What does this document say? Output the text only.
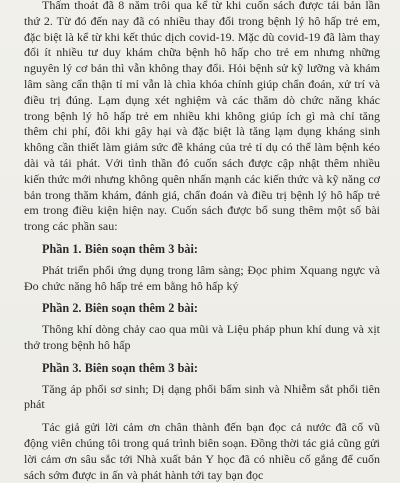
Thấm thoát đã 8 năm trôi qua kể từ khi cuốn sách được tái bản lần thứ 2. Từ đó đến nay đã có nhiều thay đổi trong bệnh lý hô hấp trẻ em, đặc biệt là kể từ khi kết thúc dịch covid-19. Mặc dù covid-19 đã làm thay đổi ít nhiều tư duy khám chữa bệnh hô hấp cho trẻ em nhưng những nguyên lý cơ bản thì vẫn không thay đổi. Hỏi bệnh sử kỹ lưỡng và khám lâm sàng cẩn thận tỉ mỉ vẫn là chìa khóa chính giúp chẩn đoán, xử trí và điều trị đúng. Lạm dụng xét nghiệm và các thăm dò chức năng khác trong bệnh lý hô hấp trẻ em nhiều khi không giúp ích gì mà chỉ tăng thêm chi phí, đôi khi gây hại và đặc biệt là tăng lạm dụng kháng sinh không cần thiết làm giảm sức đề kháng của trẻ tỉ dụ có thể làm bệnh kéo dài và tái phát. Với tình thần đó cuốn sách được cập nhật thêm nhiều kiến thức mới nhưng không quên nhấn mạnh các kiến thức và kỹ năng cơ bản trong thăm khám, đánh giá, chẩn đoán và điều trị bệnh lý hô hấp trẻ em trong điều kiện hiện nay. Cuốn sách được bổ sung thêm một số bài trong các phần sau:

Phần 1. Biên soạn thêm 3 bài:

Phát triển phổi ứng dụng trong lâm sàng; Đọc phim Xquang ngực và Đo chức năng hô hấp trẻ em bằng hô hấp ký

Phần 2. Biên soạn thêm 2 bài:

Thông khí dòng chảy cao qua mũi và Liệu pháp phun khí dung và xịt thở trong bệnh hô hấp

Phần 3. Biên soạn thêm 3 bài:

Tăng áp phổi sơ sinh; Dị dạng phổi bẩm sinh và Nhiễm sắt phổi tiên phát

Tác giả gửi lời cảm ơn chân thành đến bạn đọc cả nước đã cổ vũ động viên chúng tôi trong quá trình biên soạn. Đồng thời tác giả cũng gửi lời cảm ơn sâu sắc tới Nhà xuất bản Y học đã có nhiều cố gắng để cuốn sách sớm được in ấn và phát hành tới tay bạn đọc
